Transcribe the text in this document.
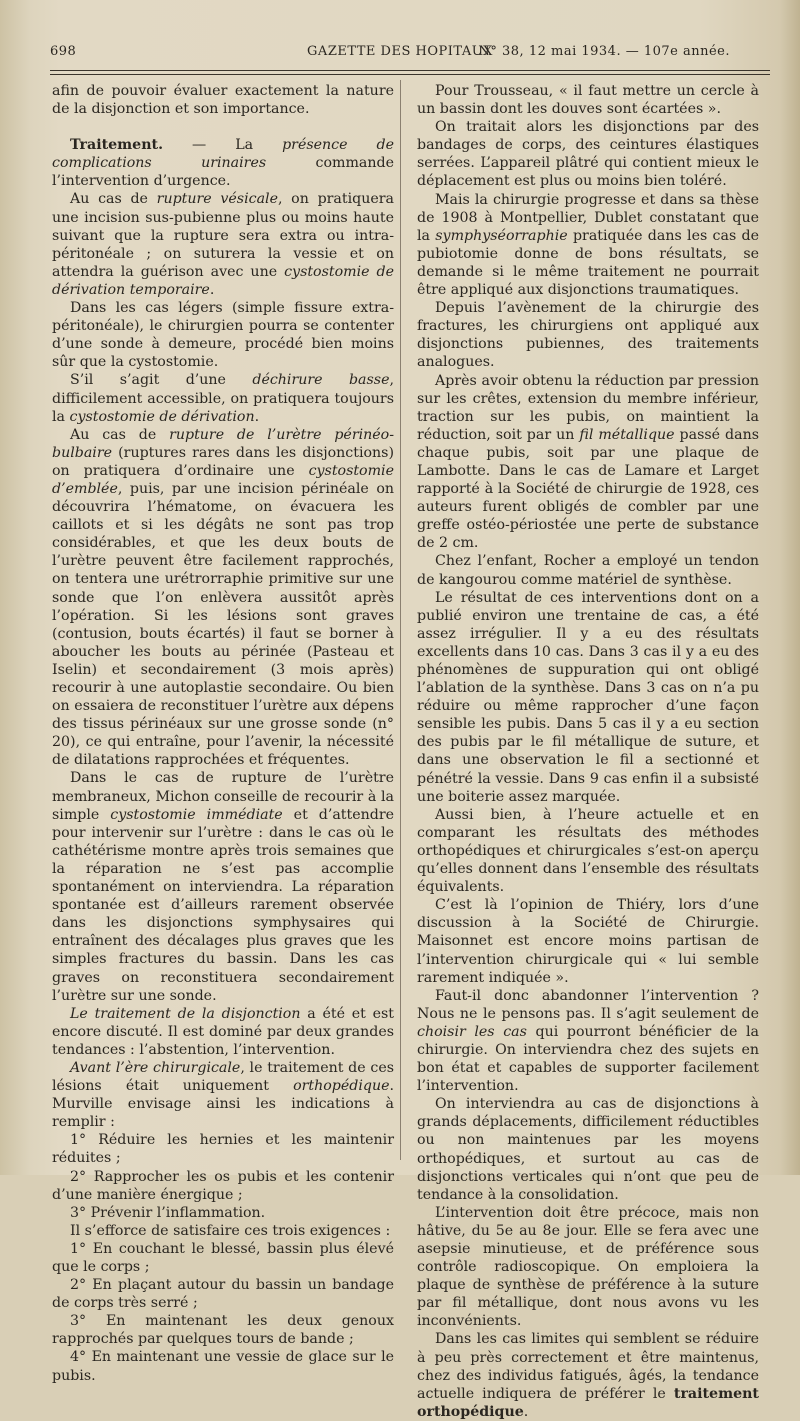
698	GAZETTE DES HOPITAUX
N° 38, 12 mai 1934. — 107e année.

afin de pouvoir évaluer exactement la nature de la disjonction et son importance.

Traitement. — La présence de complications urinaires commande l’intervention d’urgence.

Au cas de rupture vésicale, on pratiquera une incision sus-pubienne plus ou moins haute suivant que la rupture sera extra ou intra-péritonéale ; on suturera la vessie et on attendra la guérison avec une cystostomie de dérivation temporaire.

Dans les cas légers (simple fissure extra-péritonéale), le chirurgien pourra se contenter d’une sonde à demeure, procédé bien moins sûr que la cystostomie.

S’il s’agit d’une déchirure basse, difficilement accessible, on pratiquera toujours la cystostomie de dérivation.

Au cas de rupture de l’urètre périnéo-bulbaire (ruptures rares dans les disjonctions) on pratiquera d’ordinaire une cystostomie d’emblée, puis, par une incision périnéale on découvrira l’hématome, on évacuera les caillots et si les dégâts ne sont pas trop considérables, et que les deux bouts de l’urètre peuvent être facilement rapprochés, on tentera une urétrorraphie primitive sur une sonde que l’on enlèvera aussitôt après l’opération. Si les lésions sont graves (contusion, bouts écartés) il faut se borner à aboucher les bouts au périnée (Pasteau et Iselin) et secondairement (3 mois après) recourir à une autoplastie secondaire. Ou bien on essaiera de reconstituer l’urètre aux dépens des tissus périnéaux sur une grosse sonde (n° 20), ce qui entraîne, pour l’avenir, la nécessité de dilatations rapprochées et fréquentes.

Dans le cas de rupture de l’urètre membraneux, Michon conseille de recourir à la simple cystostomie immédiate et d’attendre pour intervenir sur l’urètre : dans le cas où le cathétérisme montre après trois semaines que la réparation ne s’est pas accomplie spontanément on interviendra. La réparation spontanée est d’ailleurs rarement observée dans les disjonctions symphysaires qui entraînent des décalages plus graves que les simples fractures du bassin. Dans les cas graves on reconstituera secondairement l’urètre sur une sonde.

Le traitement de la disjonction a été et est encore discuté. Il est dominé par deux grandes tendances : l’abstention, l’intervention.

Avant l’ère chirurgicale, le traitement de ces lésions était uniquement orthopédique. Murville envisage ainsi les indications à remplir :

1° Réduire les hernies et les maintenir réduites ;

2° Rapprocher les os pubis et les contenir d’une manière énergique ;

3° Prévenir l’inflammation.

Il s’efforce de satisfaire ces trois exigences :

1° En couchant le blessé, bassin plus élevé que le corps ;

2° En plaçant autour du bassin un bandage de corps très serré ;

3° En maintenant les deux genoux rapprochés par quelques tours de bande ;

4° En maintenant une vessie de glace sur le pubis.

Pour Trousseau, « il faut mettre un cercle à un bassin dont les douves sont écartées ».

On traitait alors les disjonctions par des bandages de corps, des ceintures élastiques serrées. L’appareil plâtré qui contient mieux le déplacement est plus ou moins bien toléré.

Mais la chirurgie progresse et dans sa thèse de 1908 à Montpellier, Dublet constatant que la symphyséorraphie pratiquée dans les cas de pubiotomie donne de bons résultats, se demande si le même traitement ne pourrait être appliqué aux disjonctions traumatiques.

Depuis l’avènement de la chirurgie des fractures, les chirurgiens ont appliqué aux disjonctions pubiennes, des traitements analogues.

Après avoir obtenu la réduction par pression sur les crêtes, extension du membre inférieur, traction sur les pubis, on maintient la réduction, soit par un fil métallique passé dans chaque pubis, soit par une plaque de Lambotte. Dans le cas de Lamare et Larget rapporté à la Société de chirurgie de 1928, ces auteurs furent obligés de combler par une greffe ostéo-périostée une perte de substance de 2 cm.

Chez l’enfant, Rocher a employé un tendon de kangourou comme matériel de synthèse.

Le résultat de ces interventions dont on a publié environ une trentaine de cas, a été assez irrégulier. Il y a eu des résultats excellents dans 10 cas. Dans 3 cas il y a eu des phénomènes de suppuration qui ont obligé l’ablation de la synthèse. Dans 3 cas on n’a pu réduire ou même rapprocher d’une façon sensible les pubis. Dans 5 cas il y a eu section des pubis par le fil métallique de suture, et dans une observation le fil a sectionné et pénétré la vessie. Dans 9 cas enfin il a subsisté une boiterie assez marquée.

Aussi bien, à l’heure actuelle et en comparant les résultats des méthodes orthopédiques et chirurgicales s’est-on aperçu qu’elles donnent dans l’ensemble des résultats équivalents.

C’est là l’opinion de Thiéry, lors d’une discussion à la Société de Chirurgie. Maisonnet est encore moins partisan de l’intervention chirurgicale qui « lui semble rarement indiquée ».

Faut-il donc abandonner l’intervention ? Nous ne le pensons pas. Il s’agit seulement de choisir les cas qui pourront bénéficier de la chirurgie. On interviendra chez des sujets en bon état et capables de supporter facilement l’intervention.

On interviendra au cas de disjonctions à grands déplacements, difficilement réductibles ou non maintenues par les moyens orthopédiques, et surtout au cas de disjonctions verticales qui n’ont que peu de tendance à la consolidation.

L’intervention doit être précoce, mais non hâtive, du 5e au 8e jour. Elle se fera avec une asepsie minutieuse, et de préférence sous contrôle radioscopique. On emploiera la plaque de synthèse de préférence à la suture par fil métallique, dont nous avons vu les inconvénients.

Dans les cas limites qui semblent se réduire à peu près correctement et être maintenus, chez des individus fatigués, âgés, la tendance actuelle indiquera de préférer le traitement orthopédique.
